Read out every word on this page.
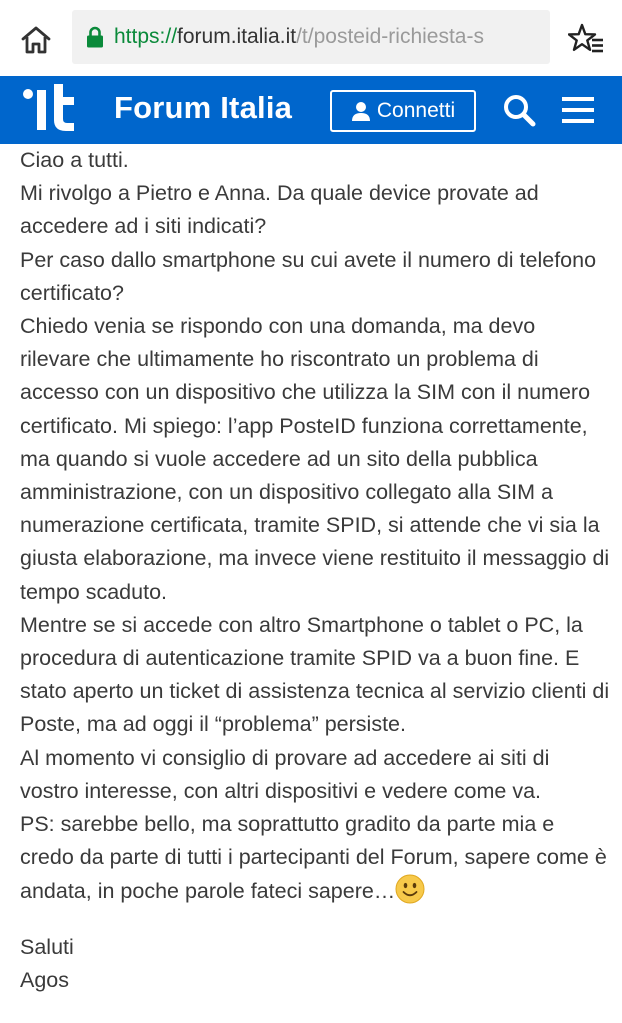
https://forum.italia.it/t/posteid-richiesta-s
Forum Italia	Connetti

Ciao a tutti.

Mi rivolgo a Pietro e Anna. Da quale device provate ad accedere ad i siti indicati?

Per caso dallo smartphone su cui avete il numero di telefono certificato?

Chiedo venia se rispondo con una domanda, ma devo rilevare che ultimamente ho riscontrato un problema di accesso con un dispositivo che utilizza la SIM con il numero certificato. Mi spiego: l’app PosteID funziona correttamente, ma quando si vuole accedere ad un sito della pubblica amministrazione, con un dispositivo collegato alla SIM a numerazione certificata, tramite SPID, si attende che vi sia la giusta elaborazione, ma invece viene restituito il messaggio di tempo scaduto.

Mentre se si accede con altro Smartphone o tablet o PC, la procedura di autenticazione tramite SPID va a buon fine. E stato aperto un ticket di assistenza tecnica al servizio clienti di Poste, ma ad oggi il “problema” persiste.

Al momento vi consiglio di provare ad accedere ai siti di vostro interesse, con altri dispositivi e vedere come va.

PS: sarebbe bello, ma soprattutto gradito da parte mia e credo da parte di tutti i partecipanti del Forum, sapere come è andata, in poche parole fateci sapere…

Saluti

Agos
